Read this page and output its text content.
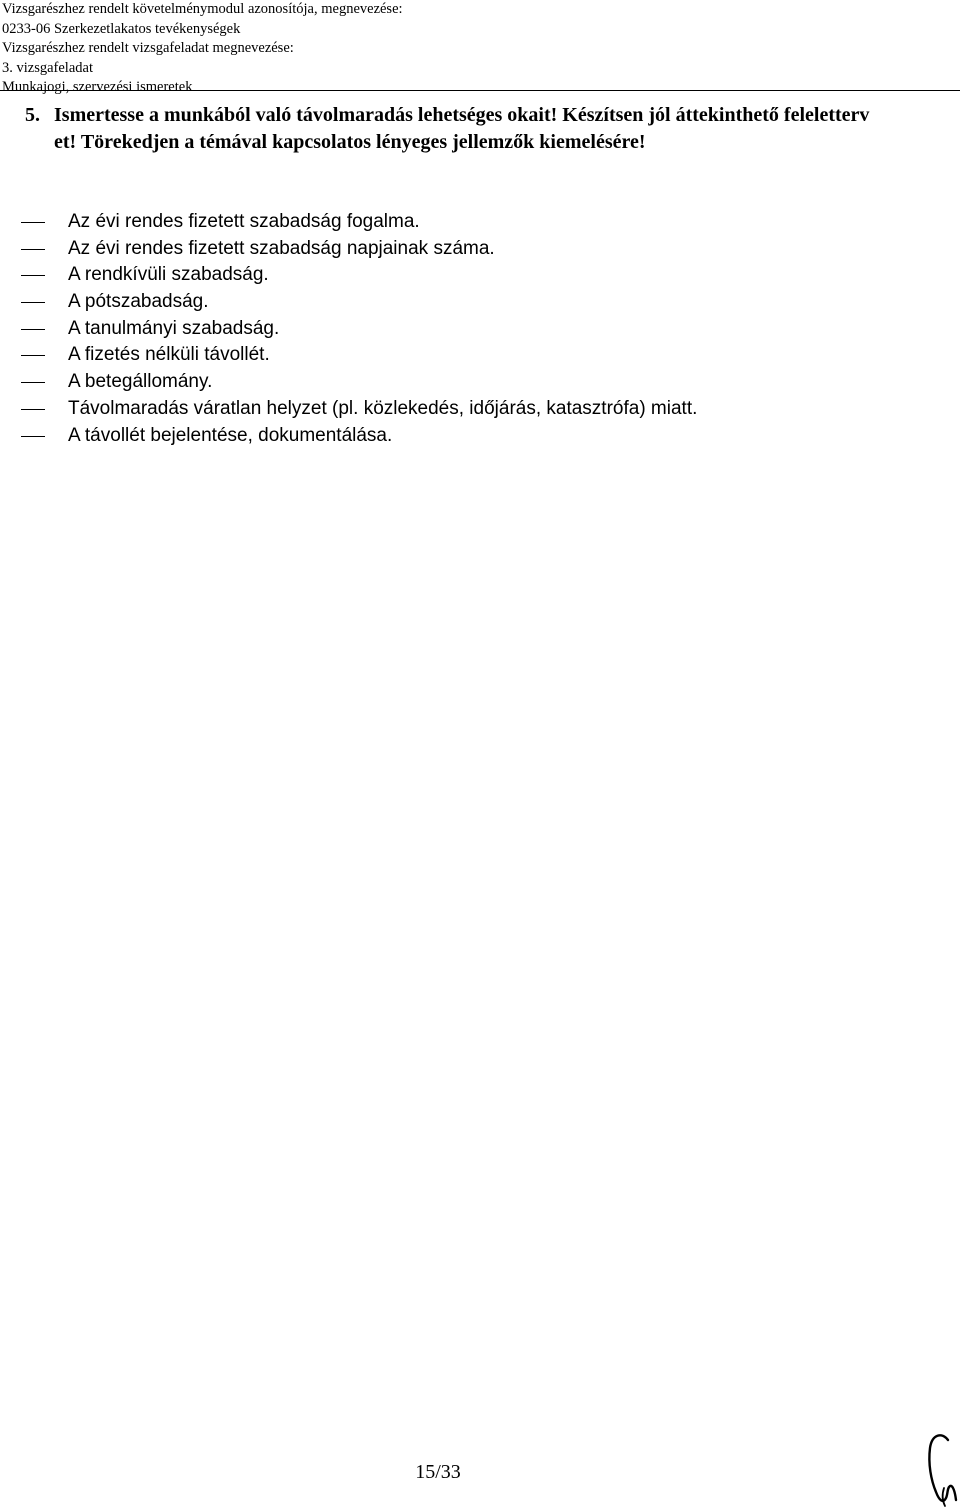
Vizsgarészhez rendelt követelménymodul azonosítója, megnevezése:
0233-06 Szerkezetlakatos tevékenységek
Vizsgarészhez rendelt vizsgafeladat megnevezése:
3. vizsgafeladat
Munkajogi, szervezési ismeretek
5. Ismertesse a munkából való távolmaradás lehetséges okait! Készítsen jól áttekinthető feleletterv et! Törekedjen a témával kapcsolatos lényeges jellemzők kiemelésére!
Az évi rendes fizetett szabadság fogalma.
Az évi rendes fizetett szabadság napjainak száma.
A rendkívüli szabadság.
A pótszabadság.
A tanulmányi szabadság.
A fizetés nélküli távollét.
A betegállomány.
Távolmaradás váratlan helyzet (pl. közlekedés, időjárás, katasztrófa) miatt.
A távollét bejelentése, dokumentálása.
15/33
